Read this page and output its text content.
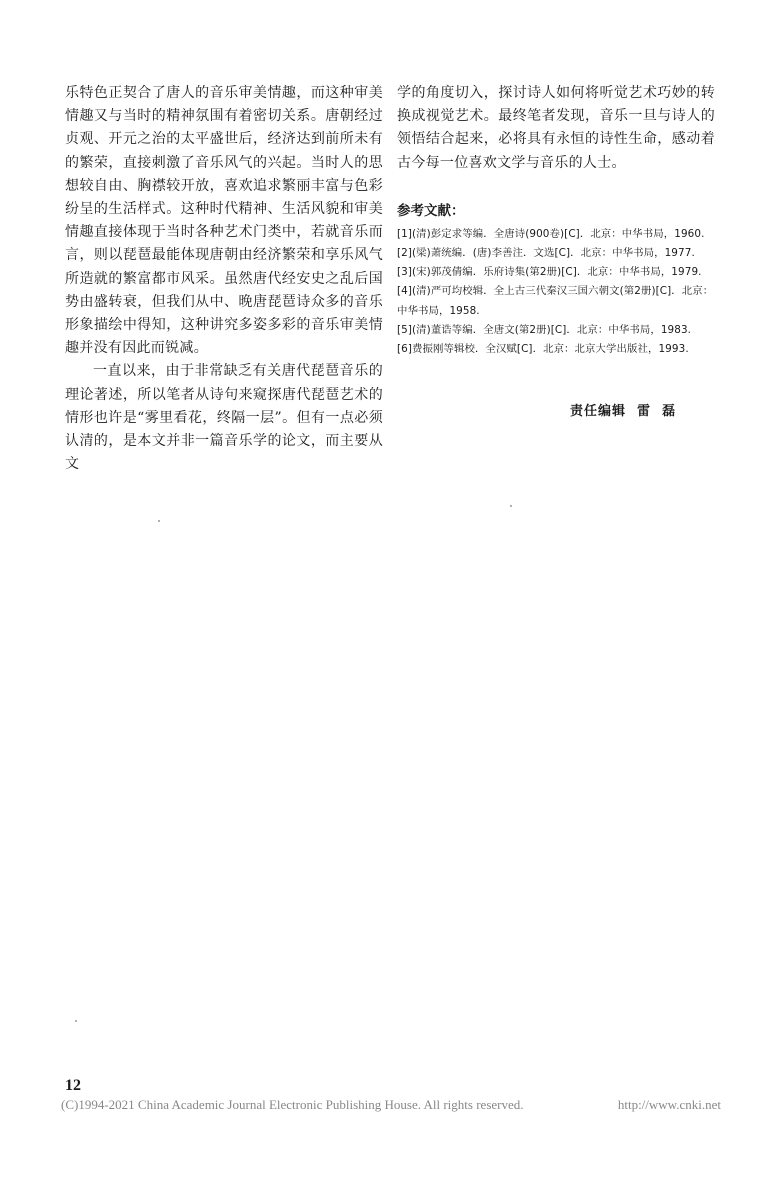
乐特色正契合了唐人的音乐审美情趣，而这种审美情趣又与当时的精神氛围有着密切关系。唐朝经过贞观、开元之治的太平盛世后，经济达到前所未有的繁荣，直接刺激了音乐风气的兴起。当时人的思想较自由、胸襟较开放，喜欢追求繁丽丰富与色彩纷呈的生活样式。这种时代精神、生活风貌和审美情趣直接体现于当时各种艺术门类中，若就音乐而言，则以琵琶最能体现唐朝由经济繁荣和享乐风气所造就的繁富都市风采。虽然唐代经安史之乱后国势由盛转衰，但我们从中、晚唐琵琶诗众多的音乐形象描绘中得知，这种讲究多姿多彩的音乐审美情趣并没有因此而锐减。

一直以来，由于非常缺乏有关唐代琵琶音乐的理论著述，所以笔者从诗句来窥探唐代琵琶艺术的情形也许是“雾里看花，终隔一层”。但有一点必须认清的，是本文并非一篇音乐学的论文，而主要从文

学的角度切入，探讨诗人如何将听觉艺术巧妙的转换成视觉艺术。最终笔者发现，音乐一旦与诗人的领悟结合起来，必将具有永恒的诗性生命，感动着古今每一位喜欢文学与音乐的人士。

参考文献：
[1](清)彭定求等编．全唐诗(900卷)[C]．北京：中华书局，1960.
[2](梁)萧统编．(唐)李善注．文选[C]．北京：中华书局，1977.
[3](宋)郭茂倩编．乐府诗集(第2册)[C]．北京：中华书局，1979.
[4](清)严可均校辑．全上古三代秦汉三国六朝文(第2册)[C]．北京：中华书局，1958.
[5](清)董诰等编．全唐文(第2册)[C]．北京：中华书局，1983.
[6]费振刚等辑校．全汉赋[C]．北京：北京大学出版社，1993.
责任编辑  雷  磊
12
(C)1994-2021 China Academic Journal Electronic Publishing House. All rights reserved.	http://www.cnki.net
